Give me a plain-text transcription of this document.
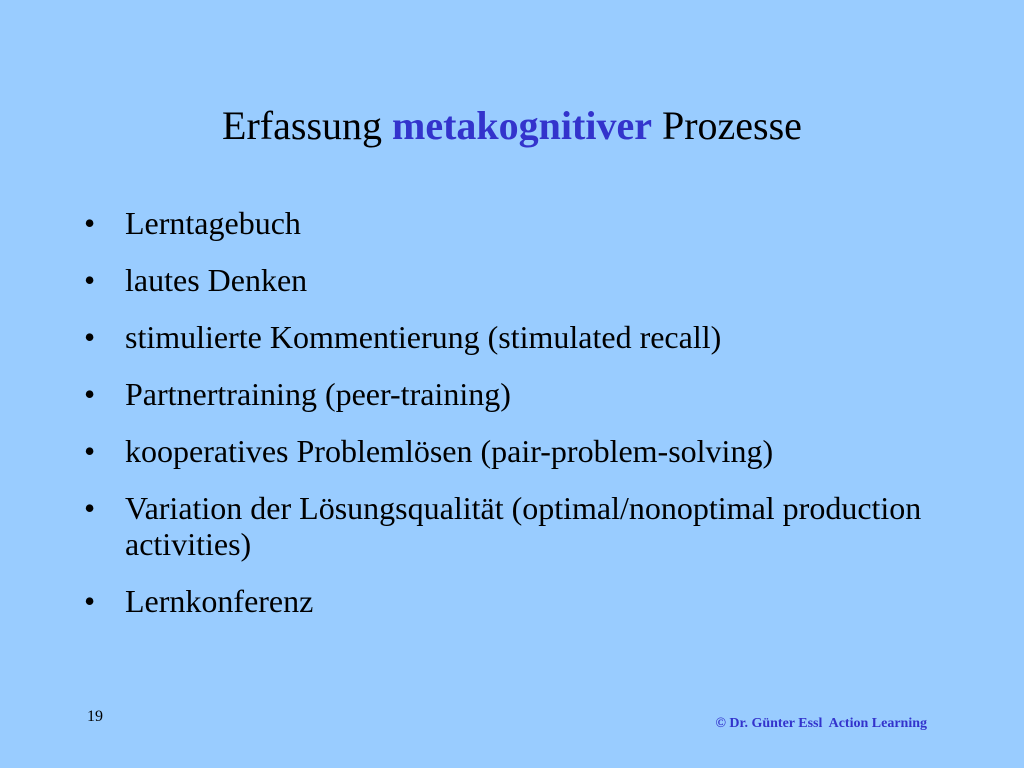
Erfassung metakognitiver Prozesse
• Lerntagebuch
• lautes Denken
• stimulierte Kommentierung (stimulated recall)
• Partnertraining (peer-training)
• kooperatives Problemlösen (pair-problem-solving)
• Variation der Lösungsqualität (optimal/nonoptimal production activities)
• Lernkonferenz
19	© Dr. Günter Essl  Action Learning
